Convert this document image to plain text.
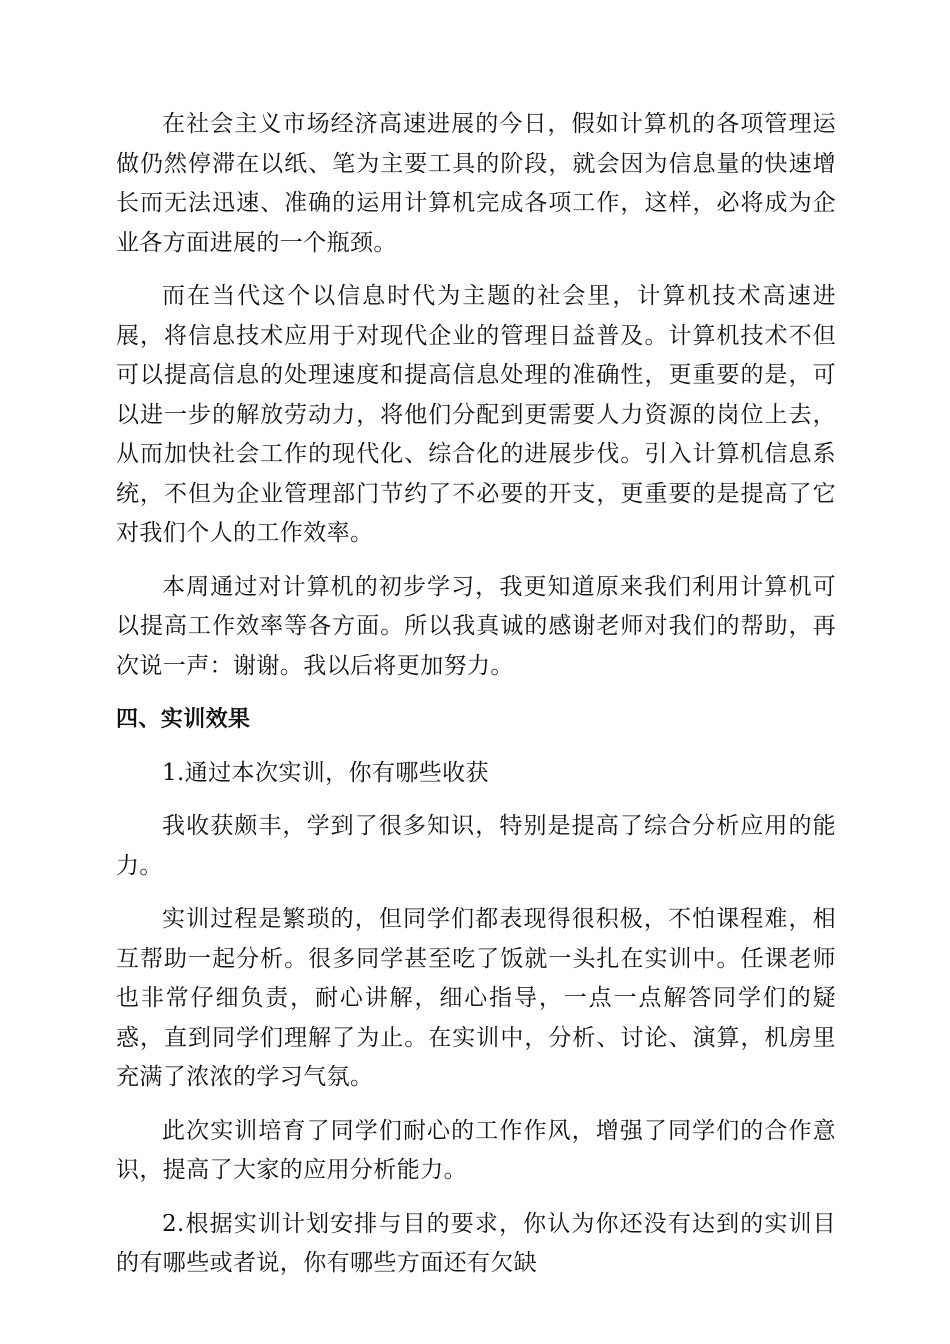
在社会主义市场经济高速进展的今日，假如计算机的各项管理运做仍然停滞在以纸、笔为主要工具的阶段，就会因为信息量的快速增长而无法迅速、准确的运用计算机完成各项工作，这样，必将成为企业各方面进展的一个瓶颈。

而在当代这个以信息时代为主题的社会里，计算机技术高速进展，将信息技术应用于对现代企业的管理日益普及。计算机技术不但可以提高信息的处理速度和提高信息处理的准确性，更重要的是，可以进一步的解放劳动力，将他们分配到更需要人力资源的岗位上去，从而加快社会工作的现代化、综合化的进展步伐。引入计算机信息系统，不但为企业管理部门节约了不必要的开支，更重要的是提高了它对我们个人的工作效率。

本周通过对计算机的初步学习，我更知道原来我们利用计算机可以提高工作效率等各方面。所以我真诚的感谢老师对我们的帮助，再次说一声：谢谢。我以后将更加努力。

四、实训效果

1.通过本次实训，你有哪些收获

我收获颇丰，学到了很多知识，特别是提高了综合分析应用的能力。

实训过程是繁琐的，但同学们都表现得很积极，不怕课程难，相互帮助一起分析。很多同学甚至吃了饭就一头扎在实训中。任课老师也非常仔细负责，耐心讲解，细心指导，一点一点解答同学们的疑惑，直到同学们理解了为止。在实训中，分析、讨论、演算，机房里充满了浓浓的学习气氛。

此次实训培育了同学们耐心的工作作风，增强了同学们的合作意识，提高了大家的应用分析能力。

2.根据实训计划安排与目的要求，你认为你还没有达到的实训目的有哪些或者说，你有哪些方面还有欠缺
